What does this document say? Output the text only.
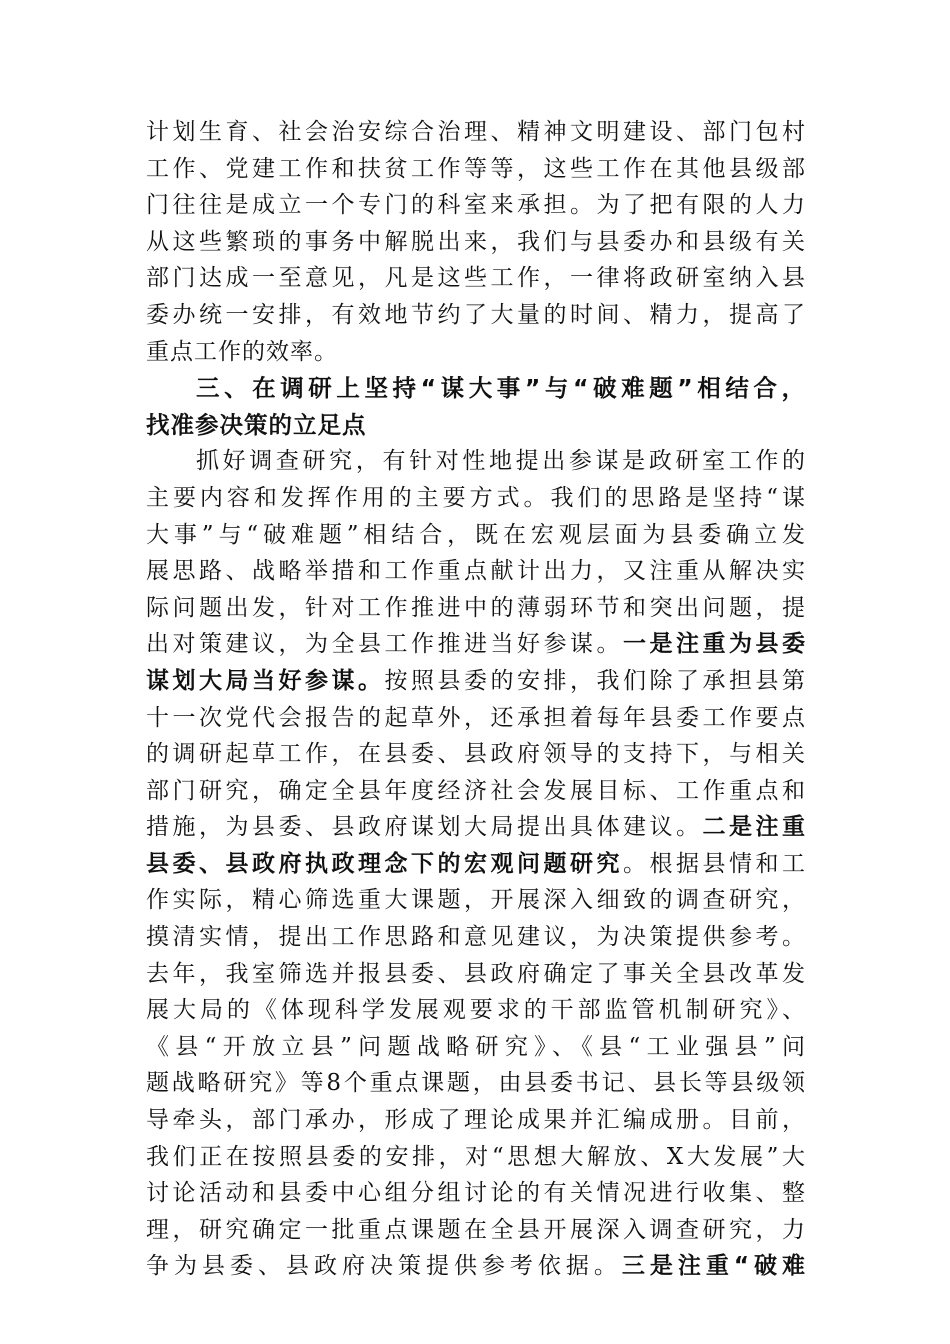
计划生育、社会治安综合治理、精神文明建设、部门包村
工作、党建工作和扶贫工作等等，这些工作在其他县级部
门往往是成立一个专门的科室来承担。为了把有限的人力
从这些繁琐的事务中解脱出来，我们与县委办和县级有关
部门达成一至意见，凡是这些工作，一律将政研室纳入县
委办统一安排，有效地节约了大量的时间、精力，提高了
重点工作的效率。
三、在调研上坚持“谋大事”与“破难题”相结合，
找准参决策的立足点
抓好调查研究，有针对性地提出参谋是政研室工作的
主要内容和发挥作用的主要方式。我们的思路是坚持“谋
大事”与“破难题”相结合，既在宏观层面为县委确立发
展思路、战略举措和工作重点献计出力，又注重从解决实
际问题出发，针对工作推进中的薄弱环节和突出问题，提
出对策建议，为全县工作推进当好参谋。一是注重为县委
谋划大局当好参谋。按照县委的安排，我们除了承担县第
十一次党代会报告的起草外，还承担着每年县委工作要点
的调研起草工作，在县委、县政府领导的支持下，与相关
部门研究，确定全县年度经济社会发展目标、工作重点和
措施，为县委、县政府谋划大局提出具体建议。二是注重
县委、县政府执政理念下的宏观问题研究。根据县情和工
作实际，精心筛选重大课题，开展深入细致的调查研究，
摸清实情，提出工作思路和意见建议，为决策提供参考。
去年，我室筛选并报县委、县政府确定了事关全县改革发
展大局的《体现科学发展观要求的干部监管机制研究》、
《县“开放立县”问题战略研究》、《县“工业强县”问
题战略研究》等8个重点课题，由县委书记、县长等县级领
导牵头，部门承办，形成了理论成果并汇编成册。目前，
我们正在按照县委的安排，对“思想大解放、X大发展”大
讨论活动和县委中心组分组讨论的有关情况进行收集、整
理，研究确定一批重点课题在全县开展深入调查研究，力
争为县委、县政府决策提供参考依据。三是注重“破难
